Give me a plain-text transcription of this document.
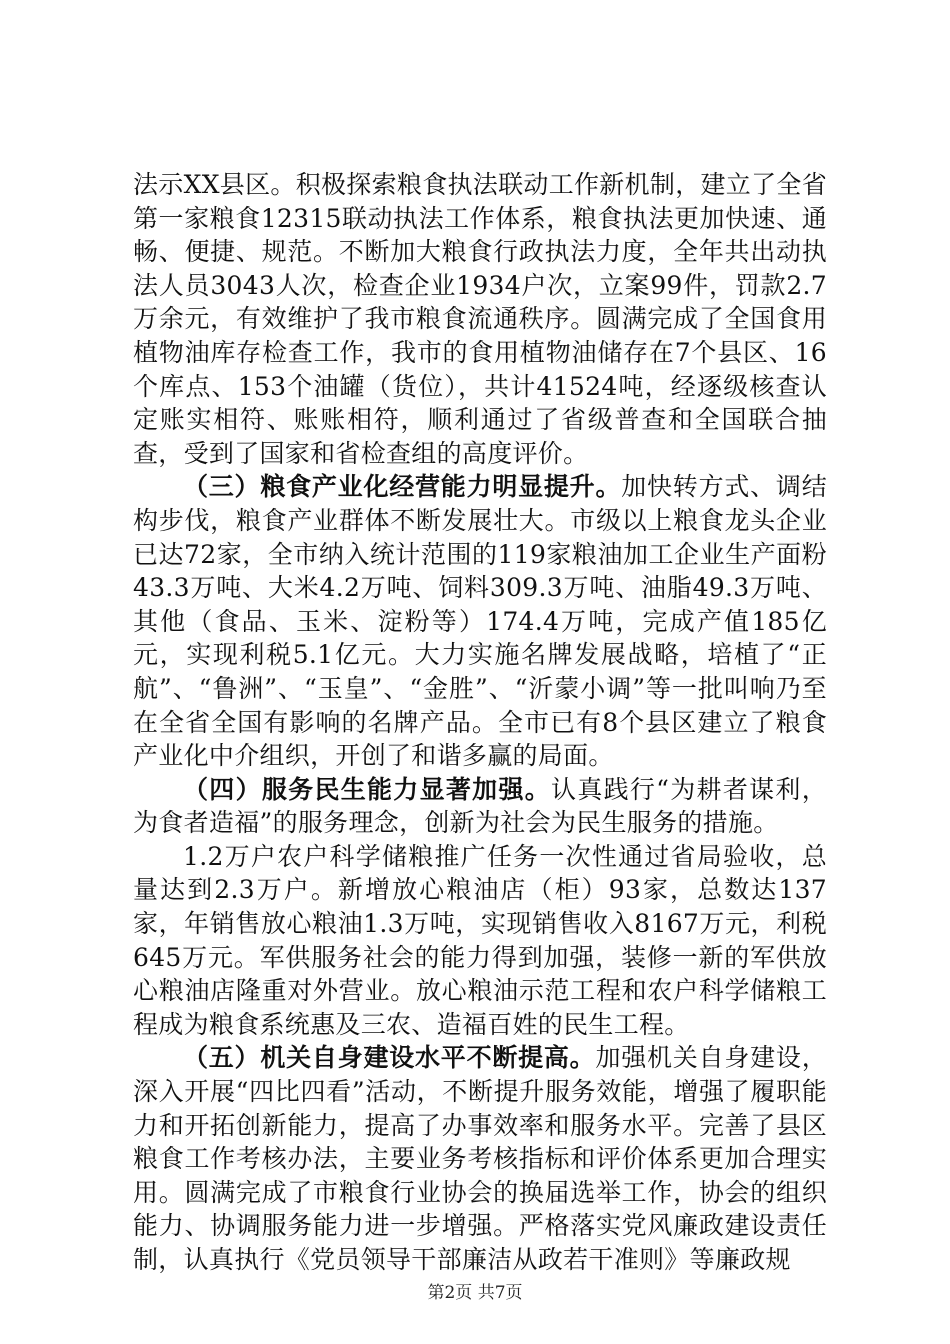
法示XX县区。积极探索粮食执法联动工作新机制，建立了全省第一家粮食12315联动执法工作体系，粮食执法更加快速、通畅、便捷、规范。不断加大粮食行政执法力度，全年共出动执法人员3043人次，检查企业1934户次，立案99件，罚款2.7万余元，有效维护了我市粮食流通秩序。圆满完成了全国食用植物油库存检查工作，我市的食用植物油储存在7个县区、16个库点、153个油罐（货位），共计41524吨，经逐级核查认定账实相符、账账相符，顺利通过了省级普查和全国联合抽查，受到了国家和省检查组的高度评价。

（三）粮食产业化经营能力明显提升。加快转方式、调结构步伐，粮食产业群体不断发展壮大。市级以上粮食龙头企业已达72家，全市纳入统计范围的119家粮油加工企业生产面粉43.3万吨、大米4.2万吨、饲料309.3万吨、油脂49.3万吨、其他（食品、玉米、淀粉等）174.4万吨，完成产值185亿元，实现利税5.1亿元。大力实施名牌发展战略，培植了“正航”、“鲁洲”、“玉皇”、“金胜”、“沂蒙小调”等一批叫响乃至在全省全国有影响的名牌产品。全市已有8个县区建立了粮食产业化中介组织，开创了和谐多赢的局面。

（四）服务民生能力显著加强。认真践行“为耕者谋利，为食者造福”的服务理念，创新为社会为民生服务的措施。

1.2万户农户科学储粮推广任务一次性通过省局验收，总量达到2.3万户。新增放心粮油店（柜）93家，总数达137家，年销售放心粮油1.3万吨，实现销售收入8167万元，利税645万元。军供服务社会的能力得到加强，装修一新的军供放心粮油店隆重对外营业。放心粮油示范工程和农户科学储粮工程成为粮食系统惠及三农、造福百姓的民生工程。

（五）机关自身建设水平不断提高。加强机关自身建设，深入开展“四比四看”活动，不断提升服务效能，增强了履职能力和开拓创新能力，提高了办事效率和服务水平。完善了县区粮食工作考核办法，主要业务考核指标和评价体系更加合理实用。圆满完成了市粮食行业协会的换届选举工作，协会的组织能力、协调服务能力进一步增强。严格落实党风廉政建设责任制，认真执行《党员领导干部廉洁从政若干准则》等廉政规

第2页 共7页
